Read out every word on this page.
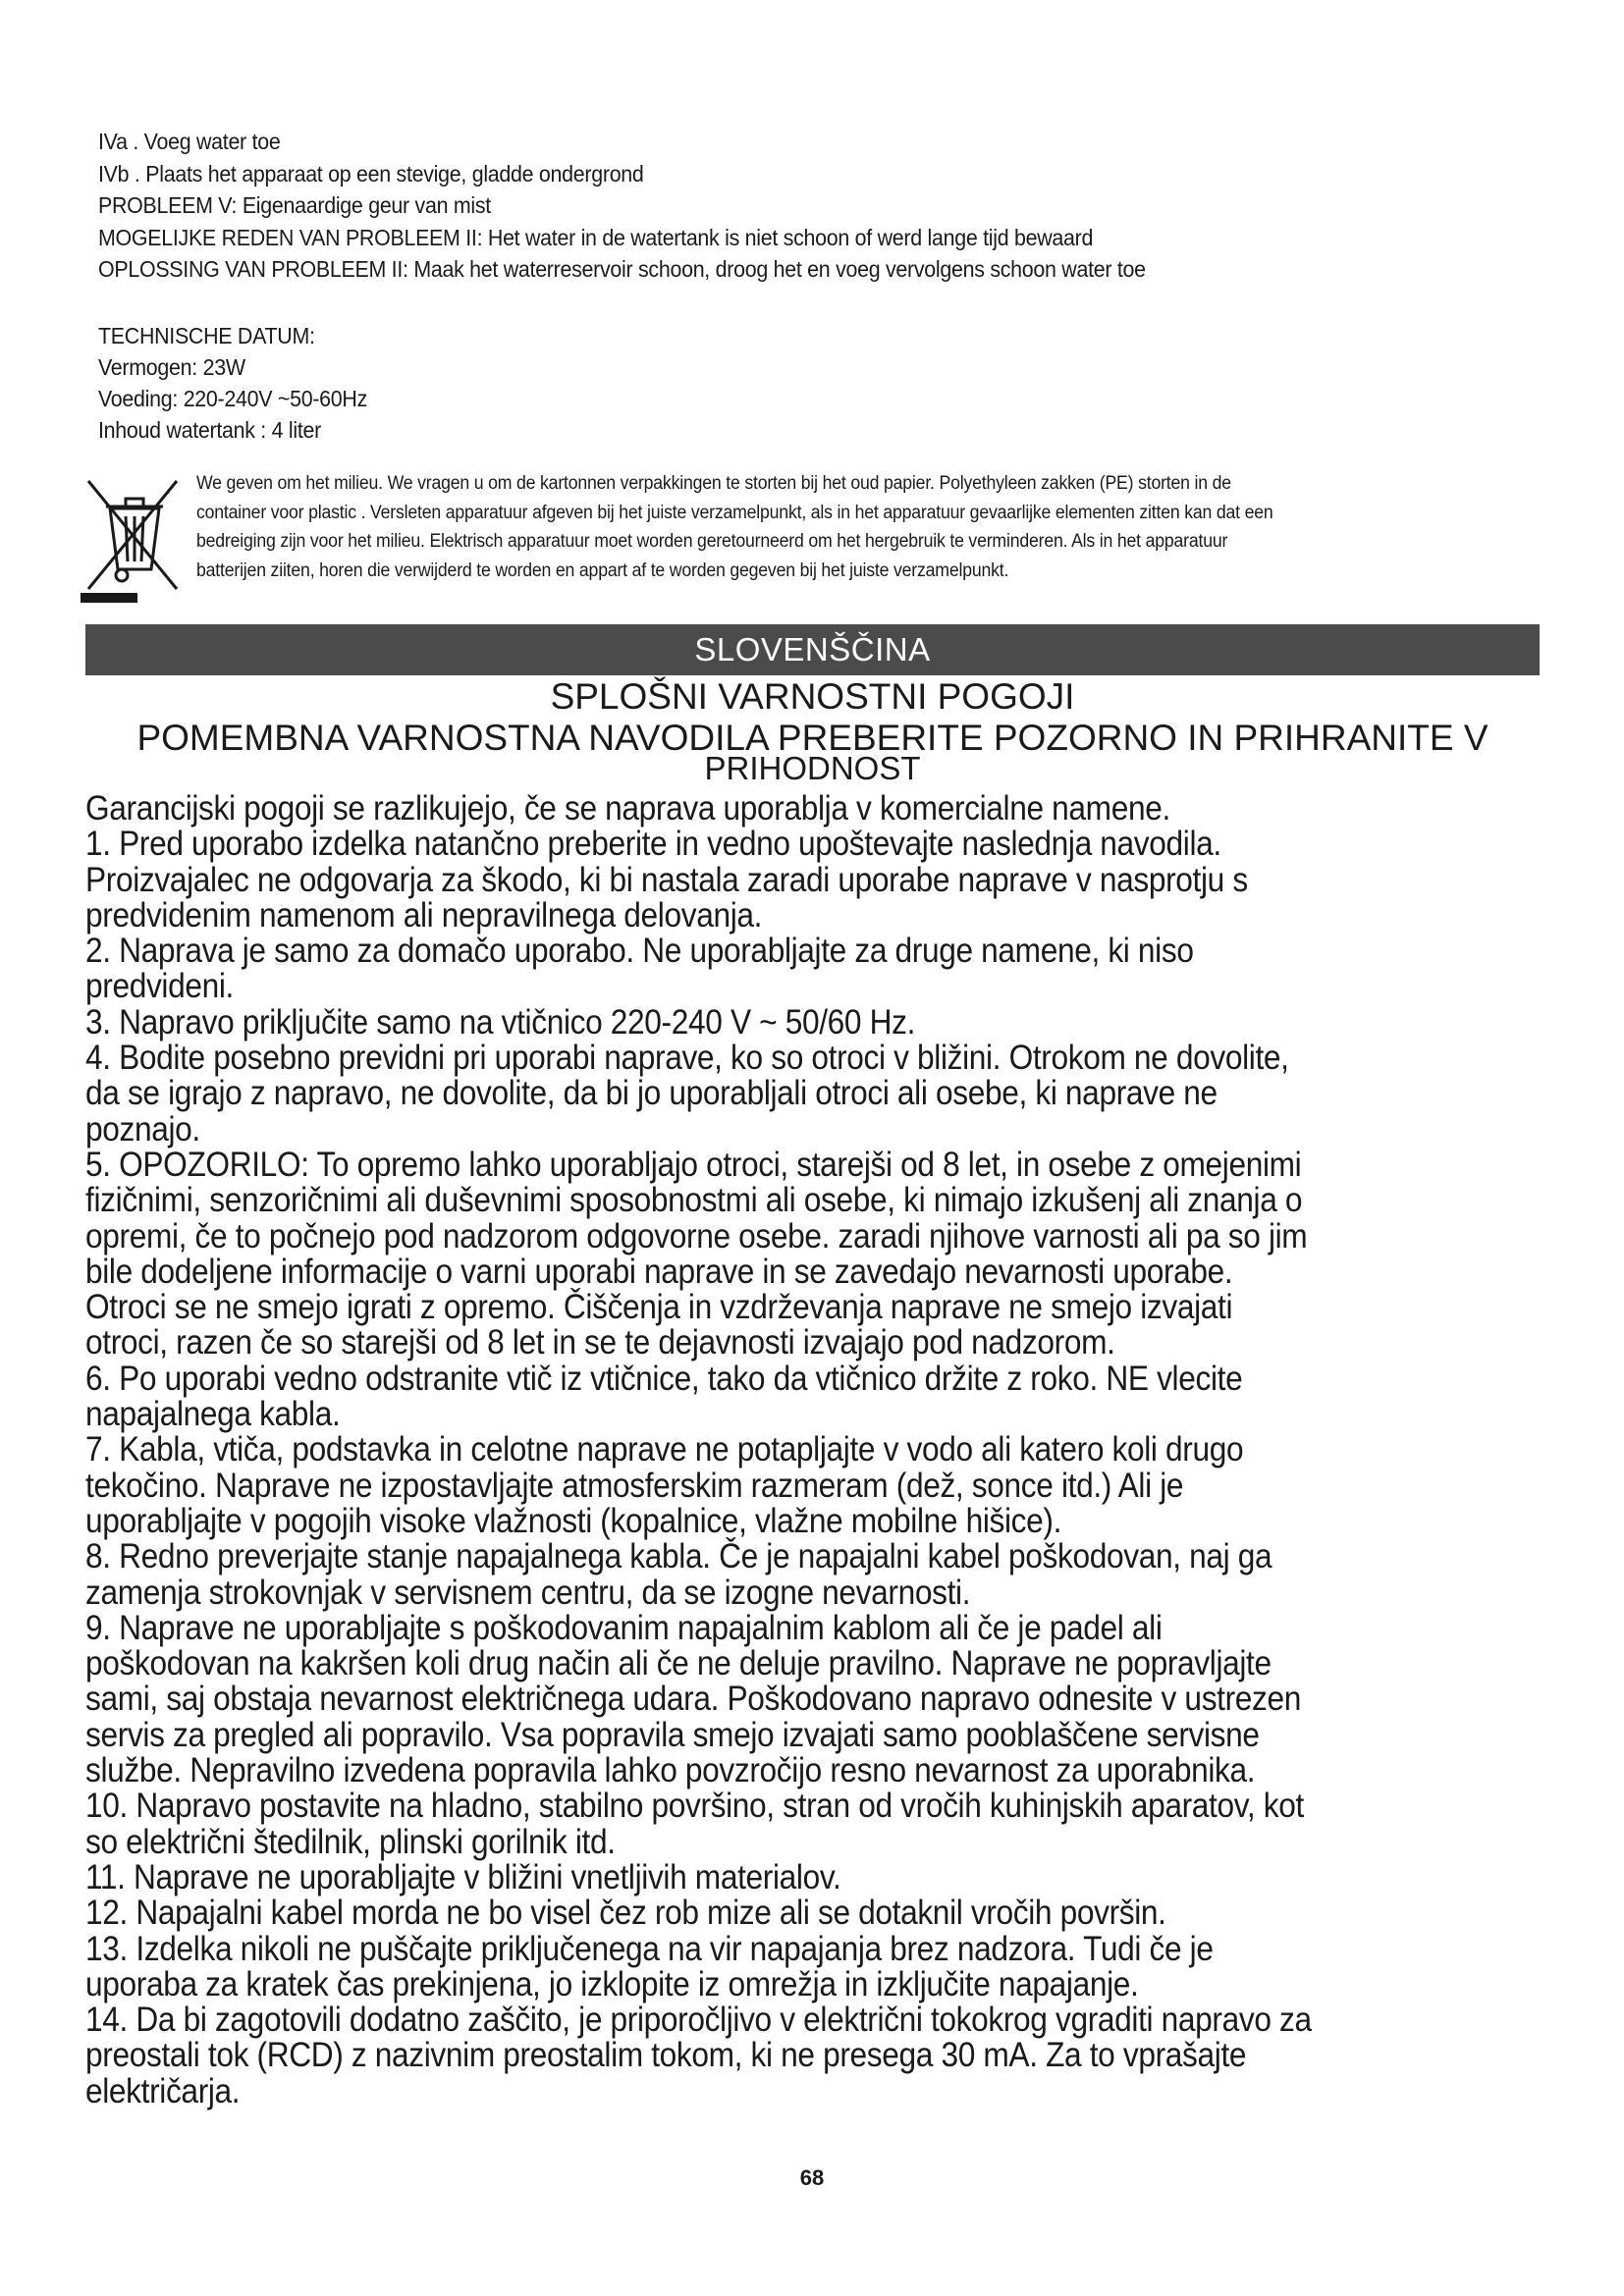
IVa . Voeg water toe
IVb . Plaats het apparaat op een stevige, gladde ondergrond
PROBLEEM V: Eigenaardige geur van mist
MOGELIJKE REDEN VAN PROBLEEM II: Het water in de watertank is niet schoon of werd lange tijd bewaard
OPLOSSING VAN PROBLEEM II: Maak het waterreservoir schoon, droog het en voeg vervolgens schoon water toe
TECHNISCHE DATUM:
Vermogen: 23W
Voeding: 220-240V ~50-60Hz
Inhoud watertank : 4 liter
We geven om het milieu. We vragen u om de kartonnen verpakkingen te storten bij het oud papier. Polyethyleen zakken (PE) storten in de
container voor plastic . Versleten apparatuur afgeven bij het juiste verzamelpunkt, als in het apparatuur gevaarlijke elementen zitten kan dat een
bedreiging zijn voor het milieu. Elektrisch apparatuur moet worden geretourneerd om het hergebruik te verminderen. Als in het apparatuur
batterijen ziiten, horen die verwijderd te worden en appart af te worden gegeven bij het juiste verzamelpunkt.
SLOVENŠČINA
SPLOŠNI VARNOSTNI POGOJI
POMEMBNA VARNOSTNA NAVODILA PREBERITE POZORNO IN PRIHRANITE V
PRIHODNOST
Garancijski pogoji se razlikujejo, če se naprava uporablja v komercialne namene.
1. Pred uporabo izdelka natančno preberite in vedno upoštevajte naslednja navodila.
Proizvajalec ne odgovarja za škodo, ki bi nastala zaradi uporabe naprave v nasprotju s
predvidenim namenom ali nepravilnega delovanja.
2. Naprava je samo za domačo uporabo. Ne uporabljajte za druge namene, ki niso
predvideni.
3. Napravo priključite samo na vtičnico 220-240 V ~ 50/60 Hz.
4. Bodite posebno previdni pri uporabi naprave, ko so otroci v bližini. Otrokom ne dovolite,
da se igrajo z napravo, ne dovolite, da bi jo uporabljali otroci ali osebe, ki naprave ne
poznajo.
5. OPOZORILO: To opremo lahko uporabljajo otroci, starejši od 8 let, in osebe z omejenimi
fizičnimi, senzoričnimi ali duševnimi sposobnostmi ali osebe, ki nimajo izkušenj ali znanja o
opremi, če to počnejo pod nadzorom odgovorne osebe. zaradi njihove varnosti ali pa so jim
bile dodeljene informacije o varni uporabi naprave in se zavedajo nevarnosti uporabe.
Otroci se ne smejo igrati z opremo. Čiščenja in vzdrževanja naprave ne smejo izvajati
otroci, razen če so starejši od 8 let in se te dejavnosti izvajajo pod nadzorom.
6. Po uporabi vedno odstranite vtič iz vtičnice, tako da vtičnico držite z roko. NE vlecite
napajalnega kabla.
7. Kabla, vtiča, podstavka in celotne naprave ne potapljajte v vodo ali katero koli drugo
tekočino. Naprave ne izpostavljajte atmosferskim razmeram (dež, sonce itd.) Ali je
uporabljajte v pogojih visoke vlažnosti (kopalnice, vlažne mobilne hišice).
8. Redno preverjajte stanje napajalnega kabla. Če je napajalni kabel poškodovan, naj ga
zamenja strokovnjak v servisnem centru, da se izogne nevarnosti.
9. Naprave ne uporabljajte s poškodovanim napajalnim kablom ali če je padel ali
poškodovan na kakršen koli drug način ali če ne deluje pravilno. Naprave ne popravljajte
sami, saj obstaja nevarnost električnega udara. Poškodovano napravo odnesite v ustrezen
servis za pregled ali popravilo. Vsa popravila smejo izvajati samo pooblaščene servisne
službe. Nepravilno izvedena popravila lahko povzročijo resno nevarnost za uporabnika.
10. Napravo postavite na hladno, stabilno površino, stran od vročih kuhinjskih aparatov, kot
so električni štedilnik, plinski gorilnik itd.
11. Naprave ne uporabljajte v bližini vnetljivih materialov.
12. Napajalni kabel morda ne bo visel čez rob mize ali se dotaknil vročih površin.
13. Izdelka nikoli ne puščajte priključenega na vir napajanja brez nadzora. Tudi če je
uporaba za kratek čas prekinjena, jo izklopite iz omrežja in izključite napajanje.
14. Da bi zagotovili dodatno zaščito, je priporočljivo v električni tokokrog vgraditi napravo za
preostali tok (RCD) z nazivnim preostalim tokom, ki ne presega 30 mA. Za to vprašajte
električarja.
68
